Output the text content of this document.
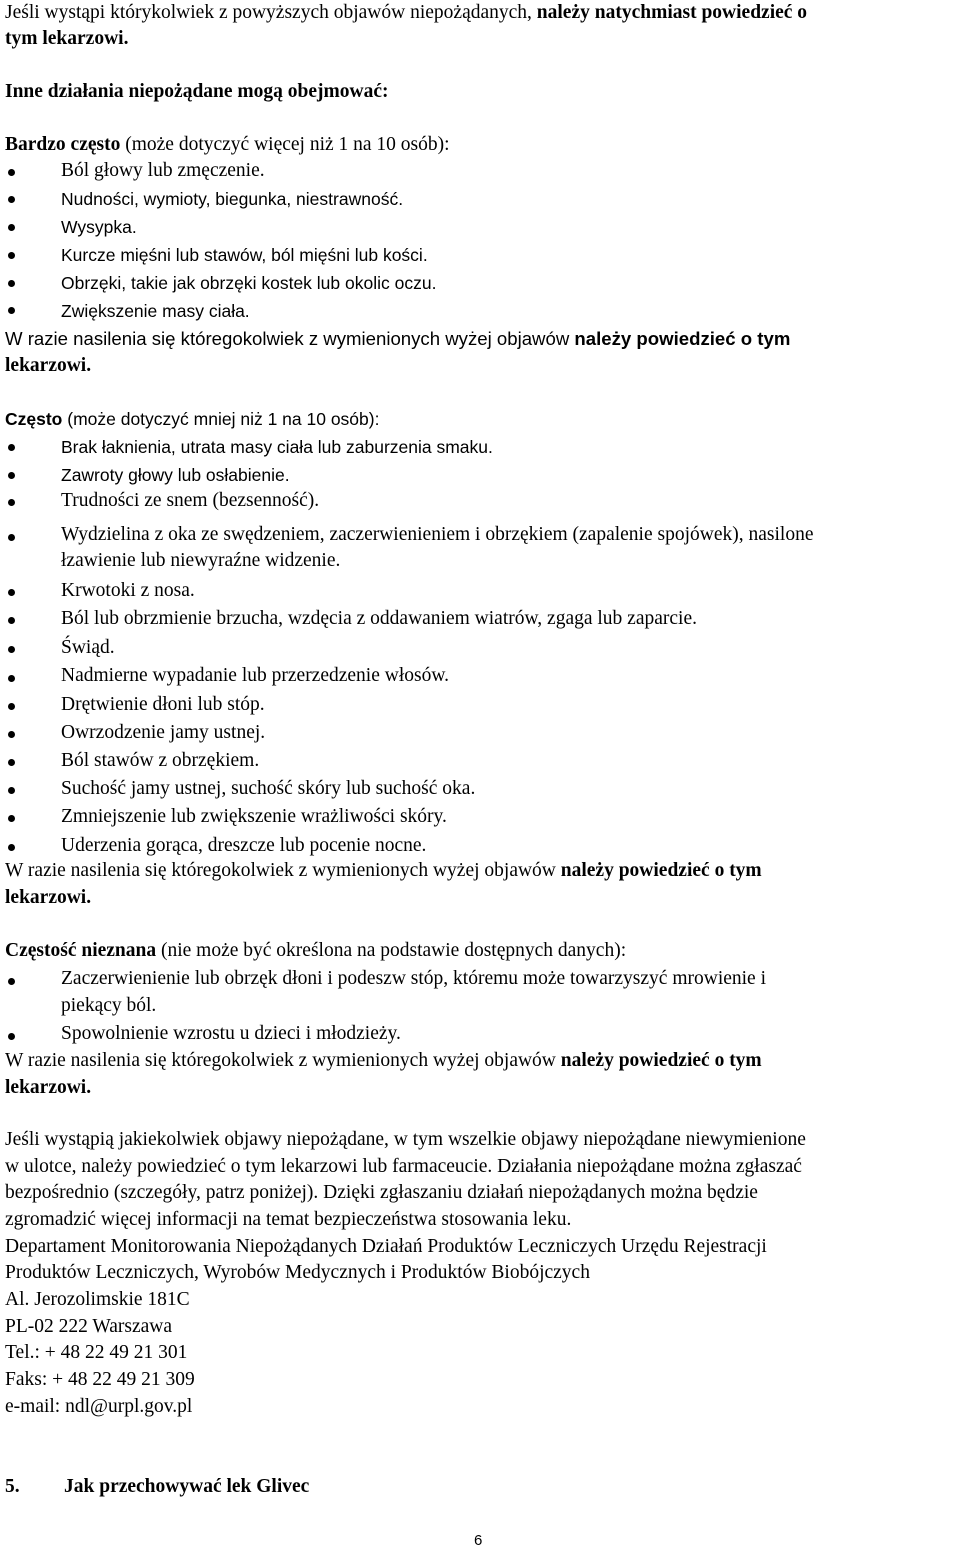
Jeśli wystąpi którykolwiek z powyższych objawów niepożądanych, należy natychmiast powiedzieć o
tym lekarzowi.
Inne działania niepożądane mogą obejmować:
Bardzo często (może dotyczyć więcej niż 1 na 10 osób):
Ból głowy lub zmęczenie.
Nudności, wymioty, biegunka, niestrawność.
Wysypka.
Kurcze mięśni lub stawów, ból mięśni lub kości.
Obrzęki, takie jak obrzęki kostek lub okolic oczu.
Zwiększenie masy ciała.
W razie nasilenia się któregokolwiek z wymienionych wyżej objawów należy powiedzieć o tym
lekarzowi.
Często (może dotyczyć mniej niż 1 na 10 osób):
Brak łaknienia, utrata masy ciała lub zaburzenia smaku.
Zawroty głowy lub osłabienie.
Trudności ze snem (bezsenność).
Wydzielina z oka ze swędzeniem, zaczerwienieniem i obrzękiem (zapalenie spojówek), nasilone
łzawienie lub niewyraźne widzenie.
Krwotoki z nosa.
Ból lub obrzmienie brzucha, wzdęcia z oddawaniem wiatrów, zgaga lub zaparcie.
Świąd.
Nadmierne wypadanie lub przerzedzenie włosów.
Drętwienie dłoni lub stóp.
Owrzodzenie jamy ustnej.
Ból stawów z obrzękiem.
Suchość jamy ustnej, suchość skóry lub suchość oka.
Zmniejszenie lub zwiększenie wrażliwości skóry.
Uderzenia gorąca, dreszcze lub pocenie nocne.
W razie nasilenia się któregokolwiek z wymienionych wyżej objawów należy powiedzieć o tym
lekarzowi.
Częstość nieznana (nie może być określona na podstawie dostępnych danych):
Zaczerwienienie lub obrzęk dłoni i podeszw stóp, któremu może towarzyszyć mrowienie i
piekący ból.
Spowolnienie wzrostu u dzieci i młodzieży.
W razie nasilenia się któregokolwiek z wymienionych wyżej objawów należy powiedzieć o tym
lekarzowi.
Jeśli wystąpią jakiekolwiek objawy niepożądane, w tym wszelkie objawy niepożądane niewymienione
w ulotce, należy powiedzieć o tym lekarzowi lub farmaceucie. Działania niepożądane można zgłaszać
bezpośrednio (szczegóły, patrz poniżej). Dzięki zgłaszaniu działań niepożądanych można będzie
zgromadzić więcej informacji na temat bezpieczeństwa stosowania leku.
Departament Monitorowania Niepożądanych Działań Produktów Leczniczych Urzędu Rejestracji
Produktów Leczniczych, Wyrobów Medycznych i Produktów Biobójczych
Al. Jerozolimskie 181C
PL-02 222 Warszawa
Tel.: + 48 22 49 21 301
Faks: + 48 22 49 21 309
e-mail: ndl@urpl.gov.pl
5. Jak przechowywać lek Glivec
6
